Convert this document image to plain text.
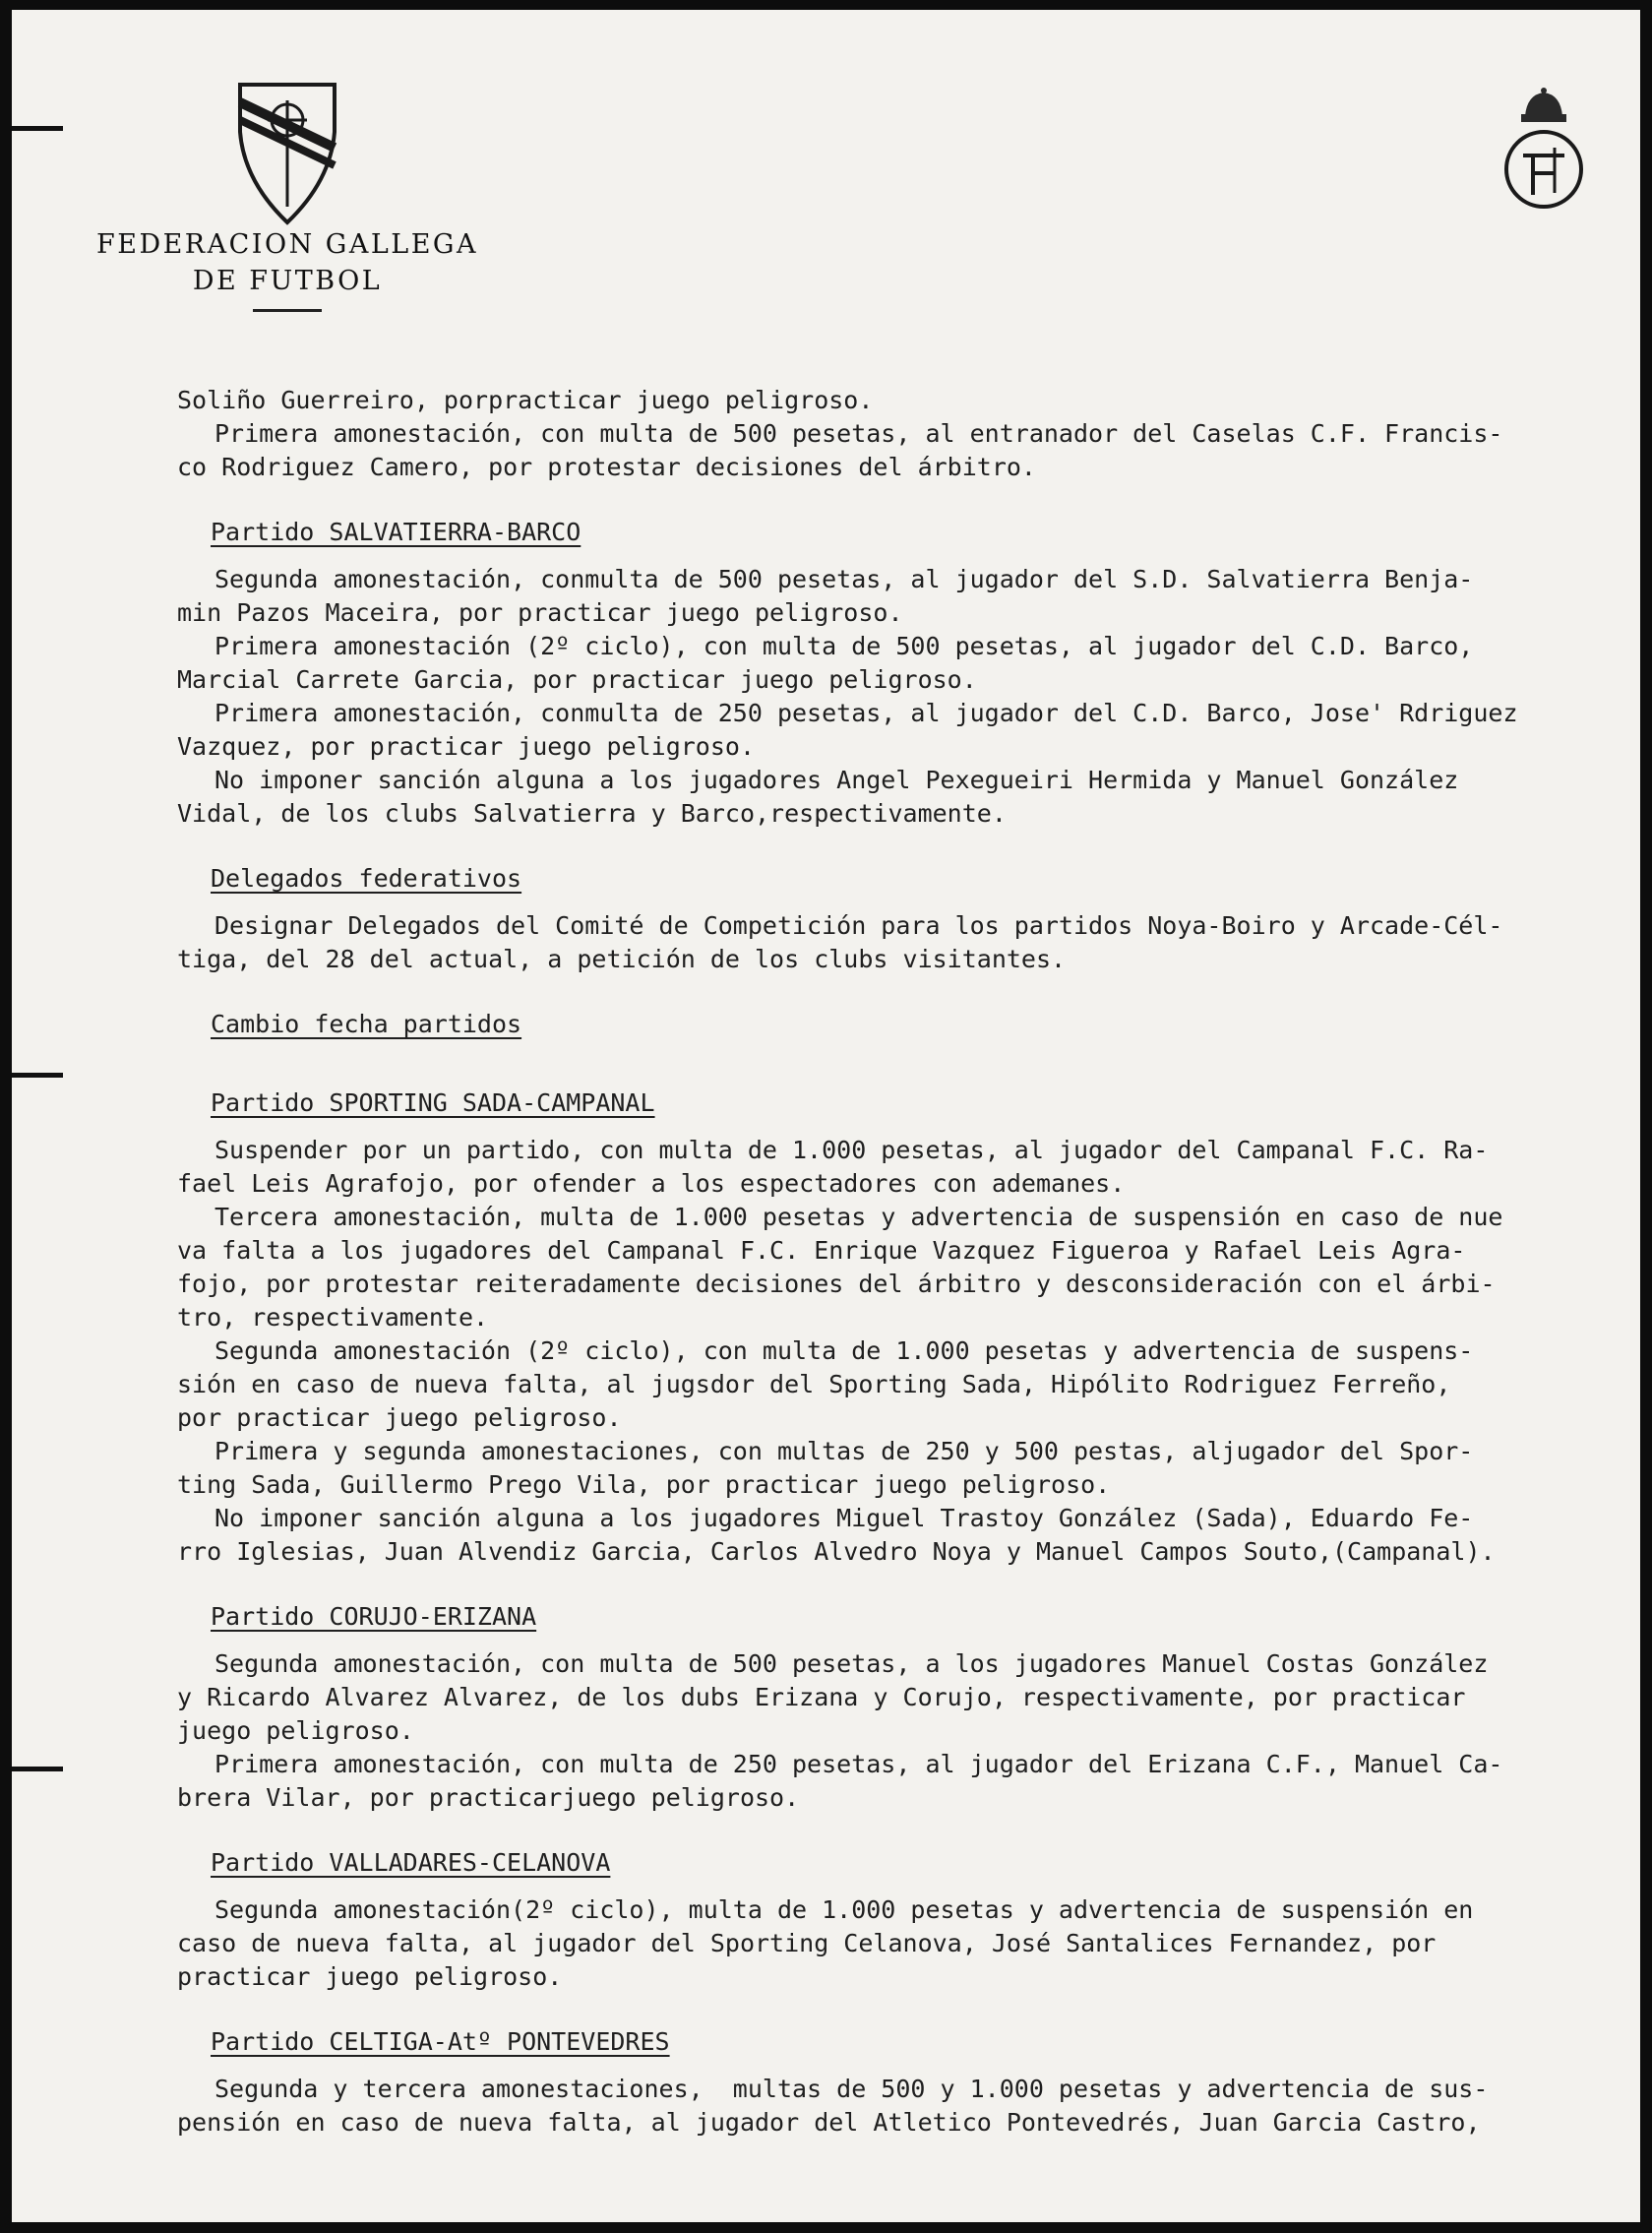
FEDERACION GALLEGA
DE FUTBOL
Soliño Guerreiro, porpracticar juego peligroso.
Primera amonestación, con multa de 500 pesetas, al entranador del Caselas C.F. Francis-
co Rodriguez Camero, por protestar decisiones del árbitro.
Partido SALVATIERRA-BARCO
Segunda amonestación, conmulta de 500 pesetas, al jugador del S.D. Salvatierra Benja-
min Pazos Maceira, por practicar juego peligroso.
Primera amonestación (2º ciclo), con multa de 500 pesetas, al jugador del C.D. Barco,
Marcial Carrete Garcia, por practicar juego peligroso.
Primera amonestación, conmulta de 250 pesetas, al jugador del C.D. Barco, Jose' Rdriguez
Vazquez, por practicar juego peligroso.
No imponer sanción alguna a los jugadores Angel Pexegueiri Hermida y Manuel González
Vidal, de los clubs Salvatierra y Barco,respectivamente.
Delegados federativos
Designar Delegados del Comité de Competición para los partidos Noya-Boiro y Arcade-Cél-
tiga, del 28 del actual, a petición de los clubs visitantes.
Cambio fecha partidos
Partido SPORTING SADA-CAMPANAL
Suspender por un partido, con multa de 1.000 pesetas, al jugador del Campanal F.C. Ra-
fael Leis Agrafojo, por ofender a los espectadores con ademanes.
Tercera amonestación, multa de 1.000 pesetas y advertencia de suspensión en caso de nue
va falta a los jugadores del Campanal F.C. Enrique Vazquez Figueroa y Rafael Leis Agra-
fojo, por protestar reiteradamente decisiones del árbitro y desconsideración con el árbi-
tro, respectivamente.
Segunda amonestación (2º ciclo), con multa de 1.000 pesetas y advertencia de suspens-
sión en caso de nueva falta, al jugsdor del Sporting Sada, Hipólito Rodriguez Ferreño,
por practicar juego peligroso.
Primera y segunda amonestaciones, con multas de 250 y 500 pestas, aljugador del Spor-
ting Sada, Guillermo Prego Vila, por practicar juego peligroso.
No imponer sanción alguna a los jugadores Miguel Trastoy González (Sada), Eduardo Fe-
rro Iglesias, Juan Alvendiz Garcia, Carlos Alvedro Noya y Manuel Campos Souto,(Campanal).
Partido CORUJO-ERIZANA
Segunda amonestación, con multa de 500 pesetas, a los jugadores Manuel Costas González
y Ricardo Alvarez Alvarez, de los dubs Erizana y Corujo, respectivamente, por practicar
juego peligroso.
Primera amonestación, con multa de 250 pesetas, al jugador del Erizana C.F., Manuel Ca-
brera Vilar, por practicarjuego peligroso.
Partido VALLADARES-CELANOVA
Segunda amonestación(2º ciclo), multa de 1.000 pesetas y advertencia de suspensión en
caso de nueva falta, al jugador del Sporting Celanova, José Santalices Fernandez, por
practicar juego peligroso.
Partido CELTIGA-Atº PONTEVEDRES
Segunda y tercera amonestaciones,  multas de 500 y 1.000 pesetas y advertencia de sus-
pensión en caso de nueva falta, al jugador del Atletico Pontevedrés, Juan Garcia Castro,
